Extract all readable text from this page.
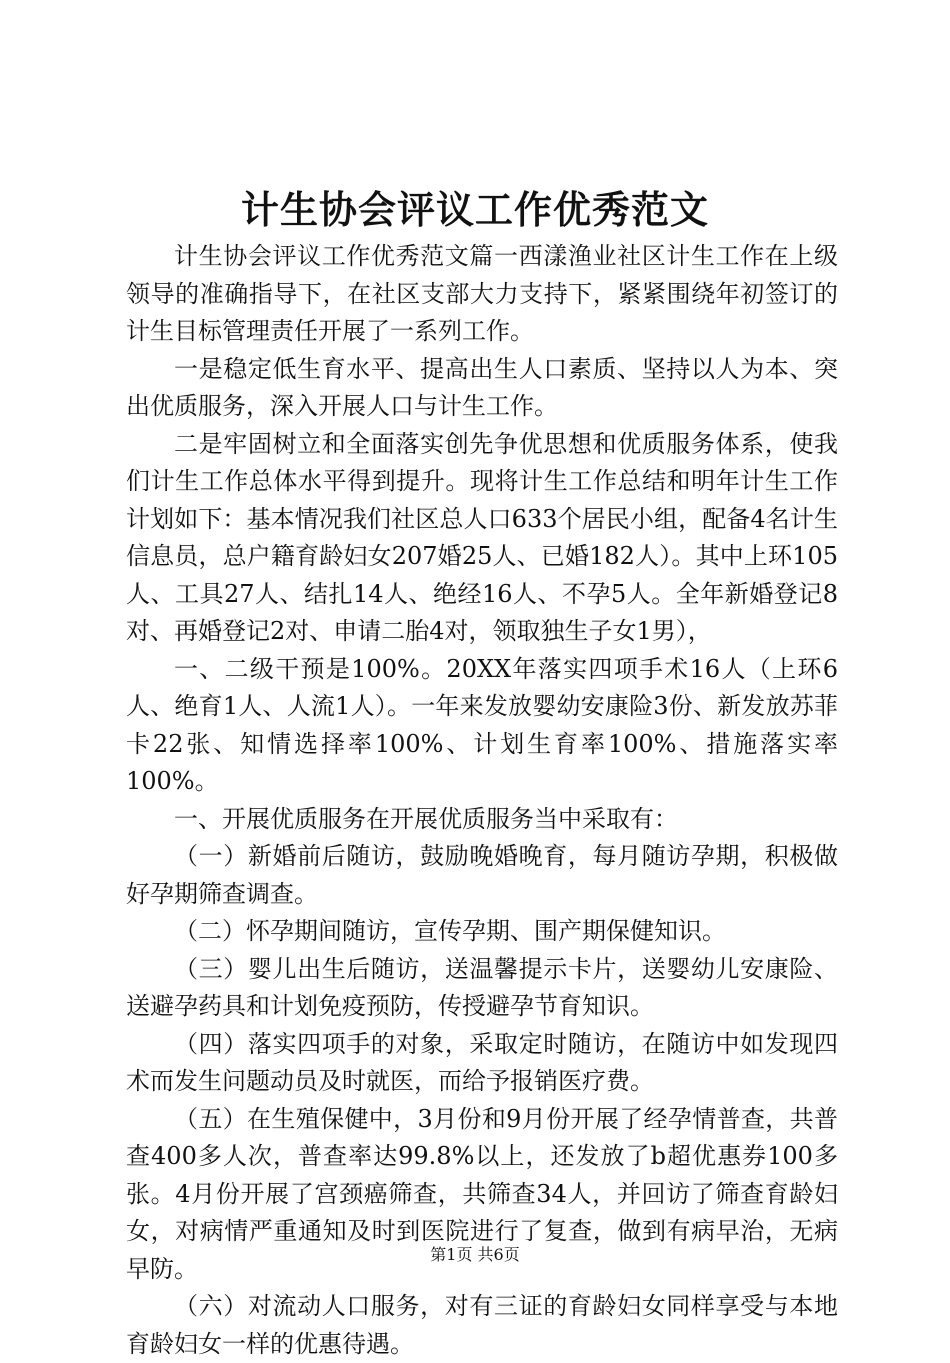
计生协会评议工作优秀范文

计生协会评议工作优秀范文篇一西漾渔业社区计生工作在上级领导的准确指导下，在社区支部大力支持下，紧紧围绕年初签订的计生目标管理责任开展了一系列工作。

一是稳定低生育水平、提高出生人口素质、坚持以人为本、突出优质服务，深入开展人口与计生工作。

二是牢固树立和全面落实创先争优思想和优质服务体系，使我们计生工作总体水平得到提升。现将计生工作总结和明年计生工作计划如下：基本情况我们社区总人口633个居民小组，配备4名计生信息员，总户籍育龄妇女207婚25人、已婚182人）。其中上环105人、工具27人、结扎14人、绝经16人、不孕5人。全年新婚登记8对、再婚登记2对、申请二胎4对，领取独生子女1男），

一、二级干预是100%。20XX年落实四项手术16人（上环6人、绝育1人、人流1人）。一年来发放婴幼安康险3份、新发放苏菲卡22张、知情选择率100%、计划生育率100%、措施落实率100%。

一、开展优质服务在开展优质服务当中采取有：

（一）新婚前后随访，鼓励晚婚晚育，每月随访孕期，积极做好孕期筛查调查。

（二）怀孕期间随访，宣传孕期、围产期保健知识。

（三）婴儿出生后随访，送温馨提示卡片，送婴幼儿安康险、送避孕药具和计划免疫预防，传授避孕节育知识。

（四）落实四项手的对象，采取定时随访，在随访中如发现四术而发生问题动员及时就医，而给予报销医疗费。

（五）在生殖保健中，3月份和9月份开展了经孕情普查，共普查400多人次，普查率达99.8%以上，还发放了b超优惠券100多张。4月份开展了宫颈癌筛查，共筛查34人，并回访了筛查育龄妇女，对病情严重通知及时到医院进行了复查，做到有病早治，无病早防。

（六）对流动人口服务，对有三证的育龄妇女同样享受与本地育龄妇女一样的优惠待遇。

第1页 共6页
